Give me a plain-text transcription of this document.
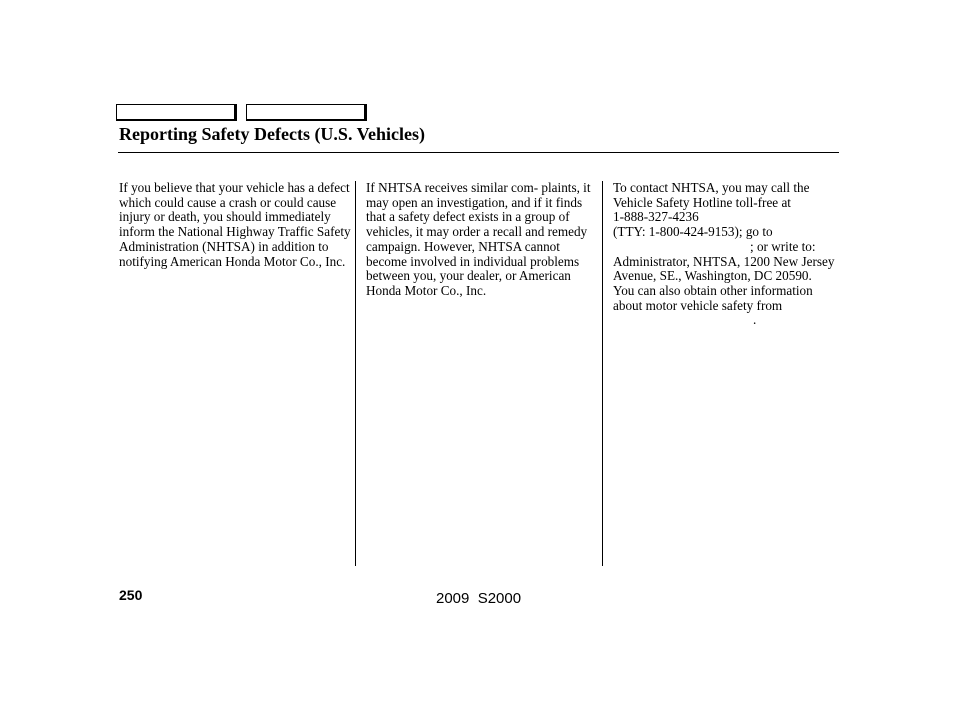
Reporting Safety Defects (U.S. Vehicles)

If you believe that your vehicle has a defect which could cause a crash or could cause injury or death, you should immediately inform the National Highway Traffic Safety Administration (NHTSA) in addition to notifying American Honda Motor Co., Inc.

If NHTSA receives similar com- plaints, it may open an investigation, and if it finds that a safety defect exists in a group of vehicles, it may order a recall and remedy campaign. However, NHTSA cannot become involved in individual problems between you, your dealer, or American Honda Motor Co., Inc.

To contact NHTSA, you may call the Vehicle Safety Hotline toll-free at

1-888-327-4236

(TTY: 1-800-424-9153); go to

; or write to:

Administrator, NHTSA, 1200 New Jersey Avenue, SE., Washington, DC 20590.

You can also obtain other information about motor vehicle safety from.

250	2009  S2000
